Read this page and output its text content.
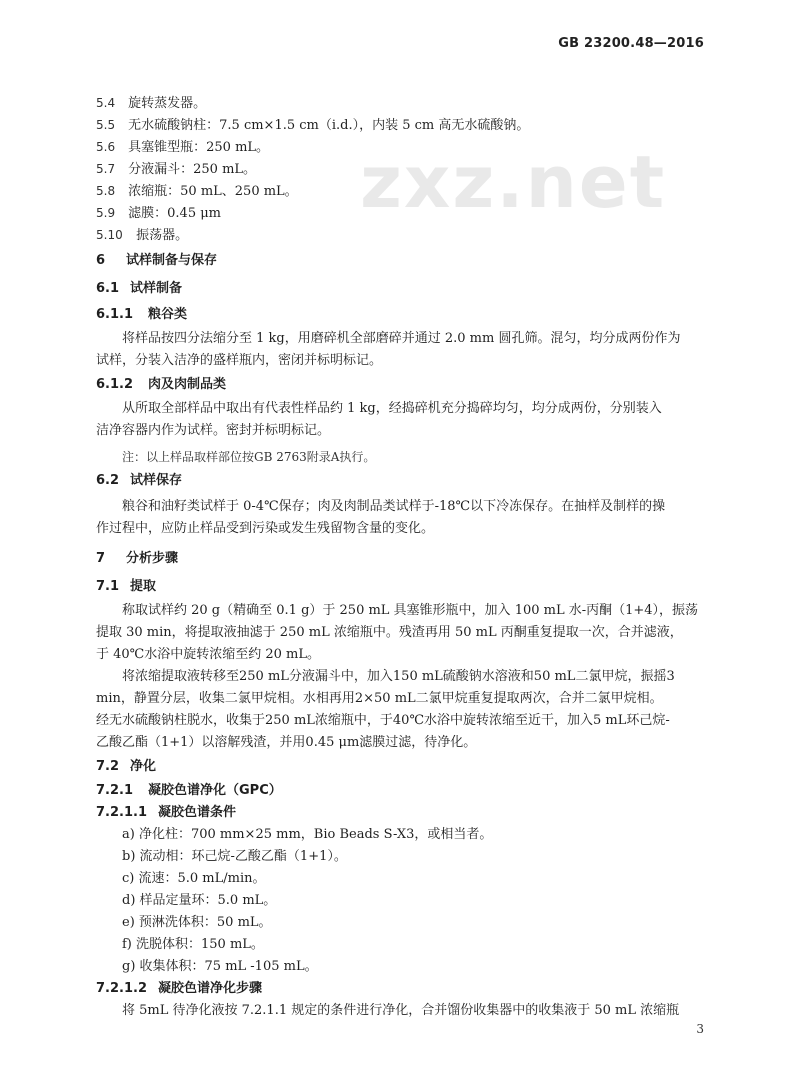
GB 23200.48—2016
zxz.net
5.4 旋转蒸发器。
5.5 无水硫酸钠柱：7.5 cm×1.5 cm（i.d.），内装 5 cm 高无水硫酸钠。
5.6 具塞锥型瓶：250 mL。
5.7 分液漏斗：250 mL。
5.8 浓缩瓶：50 mL、250 mL。
5.9 滤膜：0.45 μm
5.10 振荡器。
6 试样制备与保存
6.1 试样制备
6.1.1 粮谷类
将样品按四分法缩分至 1 kg，用磨碎机全部磨碎并通过 2.0 mm 圆孔筛。混匀，均分成两份作为
试样，分装入洁净的盛样瓶内，密闭并标明标记。
6.1.2 肉及肉制品类
从所取全部样品中取出有代表性样品约 1 kg，经捣碎机充分捣碎均匀，均分成两份，分别装入
洁净容器内作为试样。密封并标明标记。
注：以上样品取样部位按GB 2763附录A执行。
6.2 试样保存
粮谷和油籽类试样于 0-4℃保存；肉及肉制品类试样于-18℃以下冷冻保存。在抽样及制样的操
作过程中，应防止样品受到污染或发生残留物含量的变化。
7 分析步骤
7.1 提取
称取试样约 20 g（精确至 0.1 g）于 250 mL 具塞锥形瓶中，加入 100 mL 水-丙酮（1+4），振荡
提取 30 min，将提取液抽滤于 250 mL 浓缩瓶中。残渣再用 50 mL 丙酮重复提取一次，合并滤液，
于 40℃水浴中旋转浓缩至约 20 mL。
将浓缩提取液转移至250 mL分液漏斗中，加入150 mL硫酸钠水溶液和50 mL二氯甲烷，振摇3
min，静置分层，收集二氯甲烷相。水相再用2×50 mL二氯甲烷重复提取两次，合并二氯甲烷相。
经无水硫酸钠柱脱水，收集于250 mL浓缩瓶中，于40℃水浴中旋转浓缩至近干，加入5 mL环己烷-
乙酸乙酯（1+1）以溶解残渣，并用0.45 μm滤膜过滤，待净化。
7.2 净化
7.2.1 凝胶色谱净化（GPC）
7.2.1.1 凝胶色谱条件
a) 净化柱：700 mm×25 mm，Bio Beads S-X3，或相当者。
b) 流动相：环己烷-乙酸乙酯（1+1）。
c) 流速：5.0 mL/min。
d) 样品定量环：5.0 mL。
e) 预淋洗体积：50 mL。
f) 洗脱体积：150 mL。
g) 收集体积：75 mL -105 mL。
7.2.1.2 凝胶色谱净化步骤
将 5mL 待净化液按 7.2.1.1 规定的条件进行净化，合并馏份收集器中的收集液于 50 mL 浓缩瓶
3
